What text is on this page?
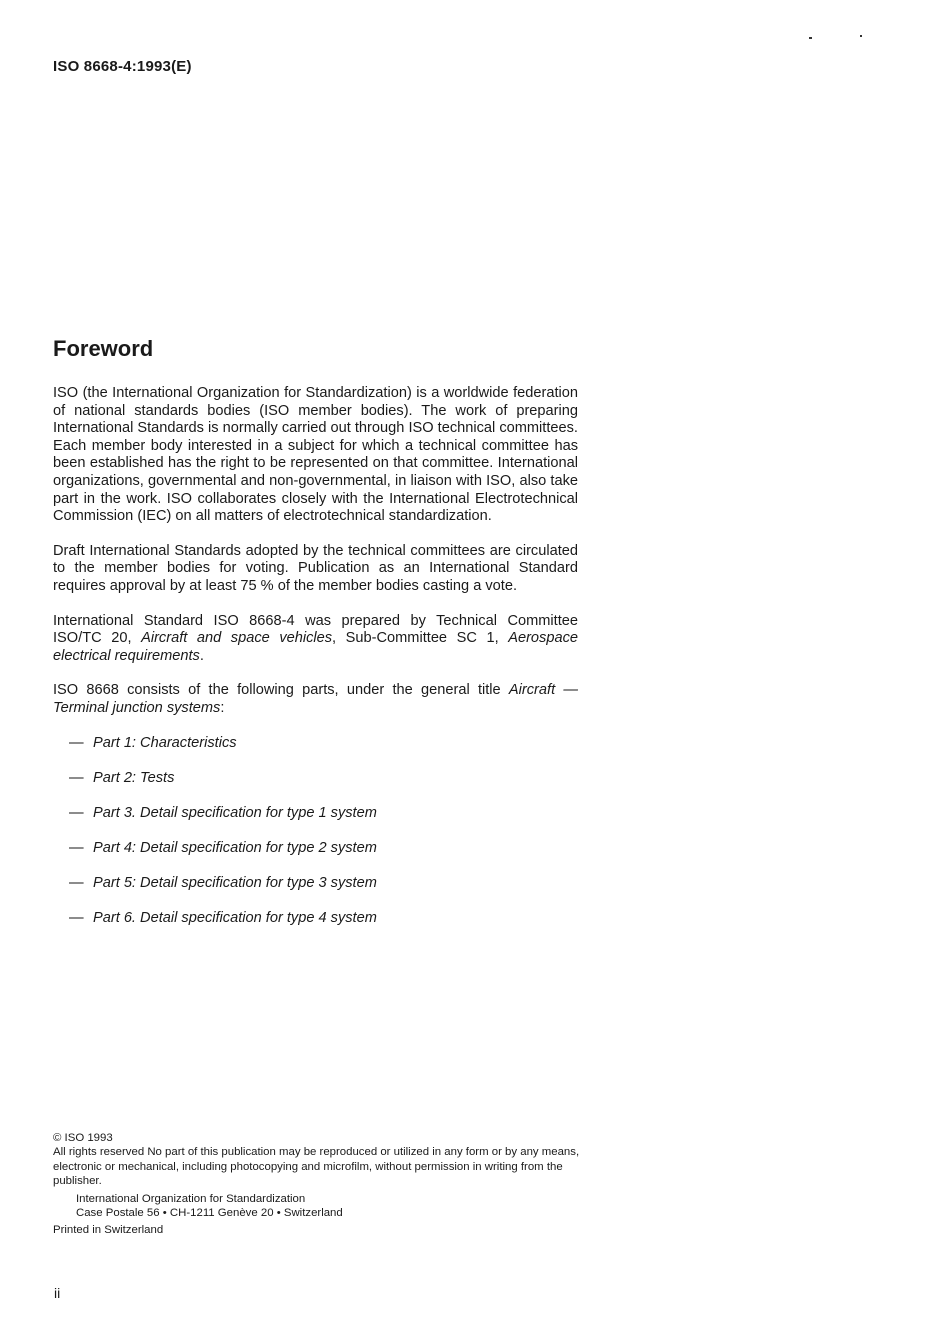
ISO 8668-4:1993(E)
Foreword

ISO (the International Organization for Standardization) is a worldwide federation of national standards bodies (ISO member bodies). The work of preparing International Standards is normally carried out through ISO technical committees. Each member body interested in a subject for which a technical committee has been established has the right to be represented on that committee. International organizations, governmental and non-governmental, in liaison with ISO, also take part in the work. ISO collaborates closely with the International Electrotechnical Commission (IEC) on all matters of electrotechnical standardization.

Draft International Standards adopted by the technical committees are circulated to the member bodies for voting. Publication as an International Standard requires approval by at least 75 % of the member bodies casting a vote.

International Standard ISO 8668-4 was prepared by Technical Committee ISO/TC 20, Aircraft and space vehicles, Sub-Committee SC 1, Aerospace electrical requirements.

ISO 8668 consists of the following parts, under the general title Aircraft — Terminal junction systems:

— Part 1: Characteristics
— Part 2: Tests
— Part 3. Detail specification for type 1 system
— Part 4: Detail specification for type 2 system
— Part 5: Detail specification for type 3 system
— Part 6. Detail specification for type 4 system

© ISO 1993

All rights reserved No part of this publication may be reproduced or utilized in any form or by any means, electronic or mechanical, including photocopying and microfilm, without permission in writing from the publisher.

International Organization for Standardization

Case Postale 56 • CH-1211 Genève 20 • Switzerland

Printed in Switzerland

ii
